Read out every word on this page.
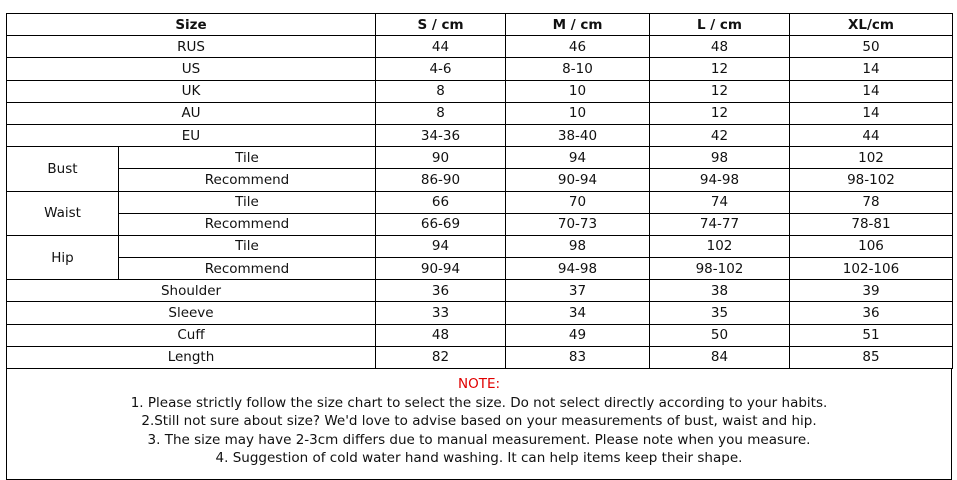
Size		S / cm	M / cm	L / cm	XL/cm
RUS		44	46	48	50
US		4-6	8-10	12	14
UK		8	10	12	14
AU		8	10	12	14
EU		34-36	38-40	42	44
Bust	Tile	90	94	98	102
	Recommend	86-90	90-94	94-98	98-102
Waist	Tile	66	70	74	78
	Recommend	66-69	70-73	74-77	78-81
Hip	Tile	94	98	102	106
	Recommend	90-94	94-98	98-102	102-106
Shoulder		36	37	38	39
Sleeve		33	34	35	36
Cuff		48	49	50	51
Length		82	83	84	85
NOTE:
1. Please strictly follow the size chart to select the size. Do not select directly according to your habits.
2.Still not sure about size? We'd love to advise based on your measurements of bust, waist and hip.
3. The size may have 2-3cm differs due to manual measurement. Please note when you measure.
4. Suggestion of cold water hand washing. It can help items keep their shape.
